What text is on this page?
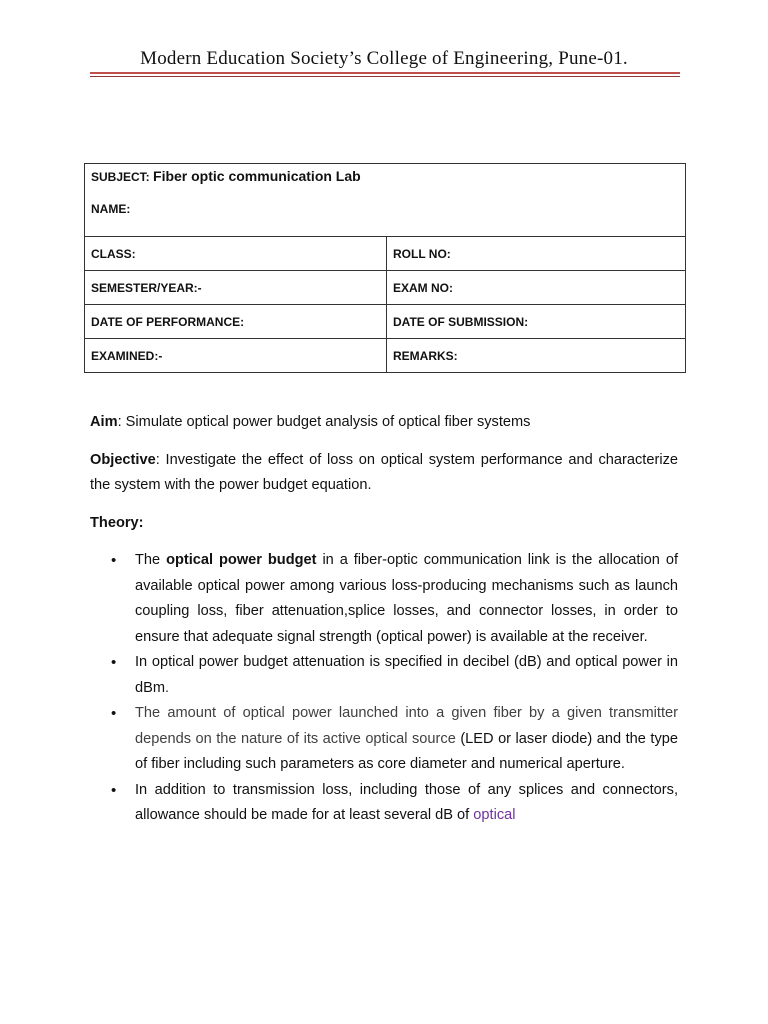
Modern Education Society’s College of Engineering, Pune-01.
SUBJECT: Fiber optic communication Lab
NAME:	

CLASS:	ROLL NO:
SEMESTER/YEAR:-	EXAM NO:
DATE OF PERFORMANCE:	DATE OF SUBMISSION:
EXAMINED:-	REMARKS:

Aim: Simulate optical power budget analysis of optical fiber systems

Objective: Investigate the effect of loss on optical system performance and characterize the system with the power budget equation.

Theory:

• The optical power budget in a fiber-optic communication link is the allocation of available optical power among various loss-producing mechanisms such as launch coupling loss, fiber attenuation,splice losses, and connector losses, in order to ensure that adequate signal strength (optical power) is available at the receiver.
• In optical power budget attenuation is specified in decibel (dB) and optical power in dBm.
• The amount of optical power launched into a given fiber by a given transmitter depends on the nature of its active optical source (LED or laser diode) and the type of fiber including such parameters as core diameter and numerical aperture.
• In addition to transmission loss, including those of any splices and connectors, allowance should be made for at least several dB of optical
